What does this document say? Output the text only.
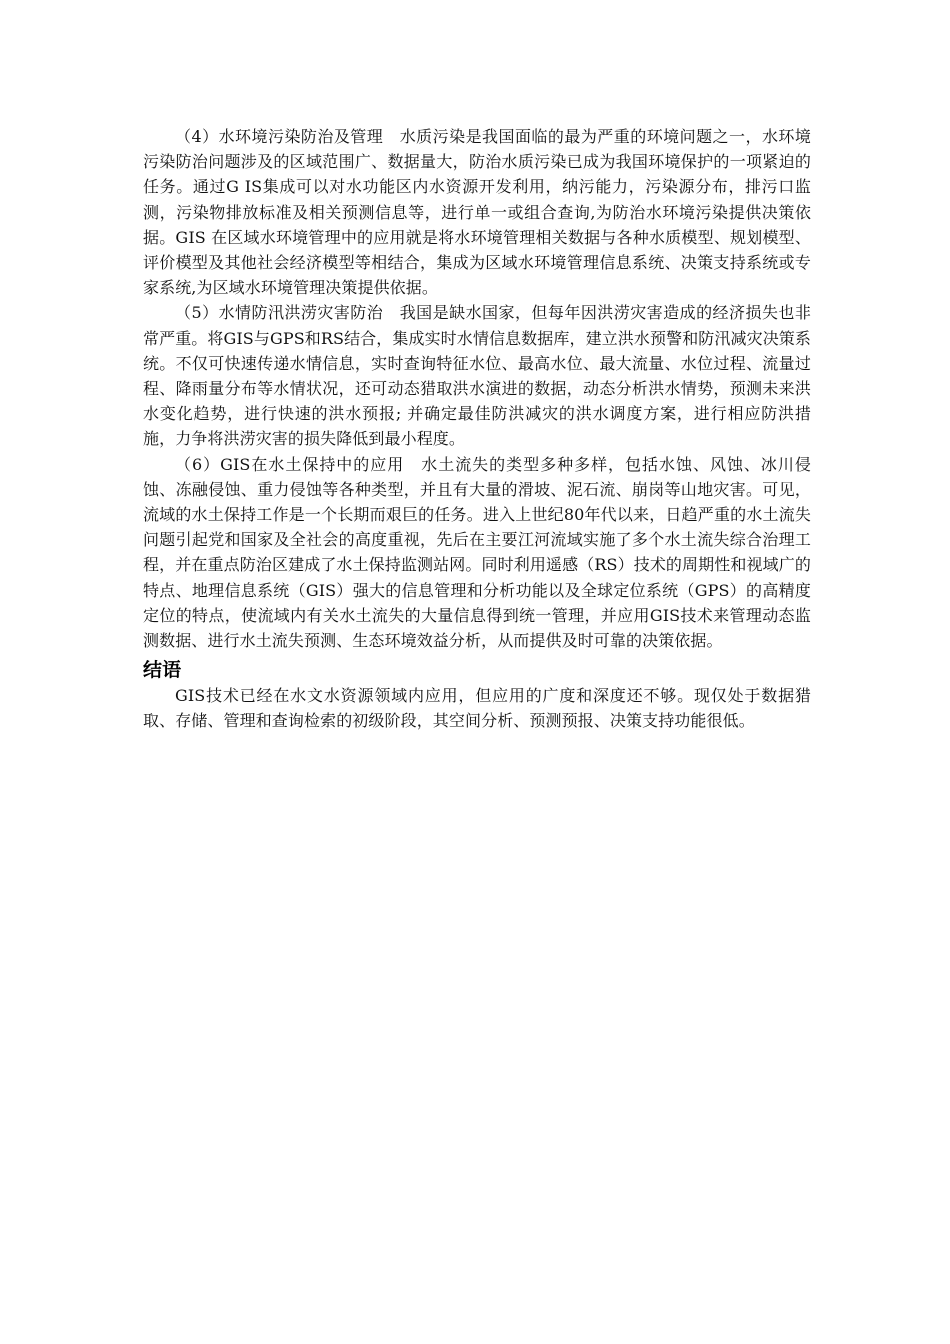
（4）水环境污染防治及管理　水质污染是我国面临的最为严重的环境问题之一，水环境污染防治问题涉及的区域范围广、数据量大，防治水质污染已成为我国环境保护的一项紧迫的任务。通过G IS集成可以对水功能区内水资源开发利用，纳污能力，污染源分布，排污口监测，污染物排放标准及相关预测信息等，进行单一或组合查询,为防治水环境污染提供决策依据。GIS 在区域水环境管理中的应用就是将水环境管理相关数据与各种水质模型、规划模型、评价模型及其他社会经济模型等相结合，集成为区域水环境管理信息系统、决策支持系统或专家系统,为区域水环境管理决策提供依据。

（5）水情防汛洪涝灾害防治　我国是缺水国家，但每年因洪涝灾害造成的经济损失也非常严重。将GIS与GPS和RS结合，集成实时水情信息数据库，建立洪水预警和防汛减灾决策系统。不仅可快速传递水情信息，实时查询特征水位、最高水位、最大流量、水位过程、流量过程、降雨量分布等水情状况，还可动态猎取洪水演进的数据，动态分析洪水情势，预测未来洪水变化趋势，进行快速的洪水预报; 并确定最佳防洪减灾的洪水调度方案，进行相应防洪措施，力争将洪涝灾害的损失降低到最小程度。

（6）GIS在水土保持中的应用　水土流失的类型多种多样，包括水蚀、风蚀、冰川侵蚀、冻融侵蚀、重力侵蚀等各种类型，并且有大量的滑坡、泥石流、崩岗等山地灾害。可见，流域的水土保持工作是一个长期而艰巨的任务。进入上世纪80年代以来，日趋严重的水土流失问题引起党和国家及全社会的高度重视，先后在主要江河流域实施了多个水土流失综合治理工程，并在重点防治区建成了水土保持监测站网。同时利用遥感（RS）技术的周期性和视域广的特点、地理信息系统（GIS）强大的信息管理和分析功能以及全球定位系统（GPS）的高精度定位的特点，使流域内有关水土流失的大量信息得到统一管理，并应用GIS技术来管理动态监测数据、进行水土流失预测、生态环境效益分析，从而提供及时可靠的决策依据。

结语

GIS技术已经在水文水资源领域内应用，但应用的广度和深度还不够。现仅处于数据猎取、存储、管理和查询检索的初级阶段，其空间分析、预测预报、决策支持功能很低。
